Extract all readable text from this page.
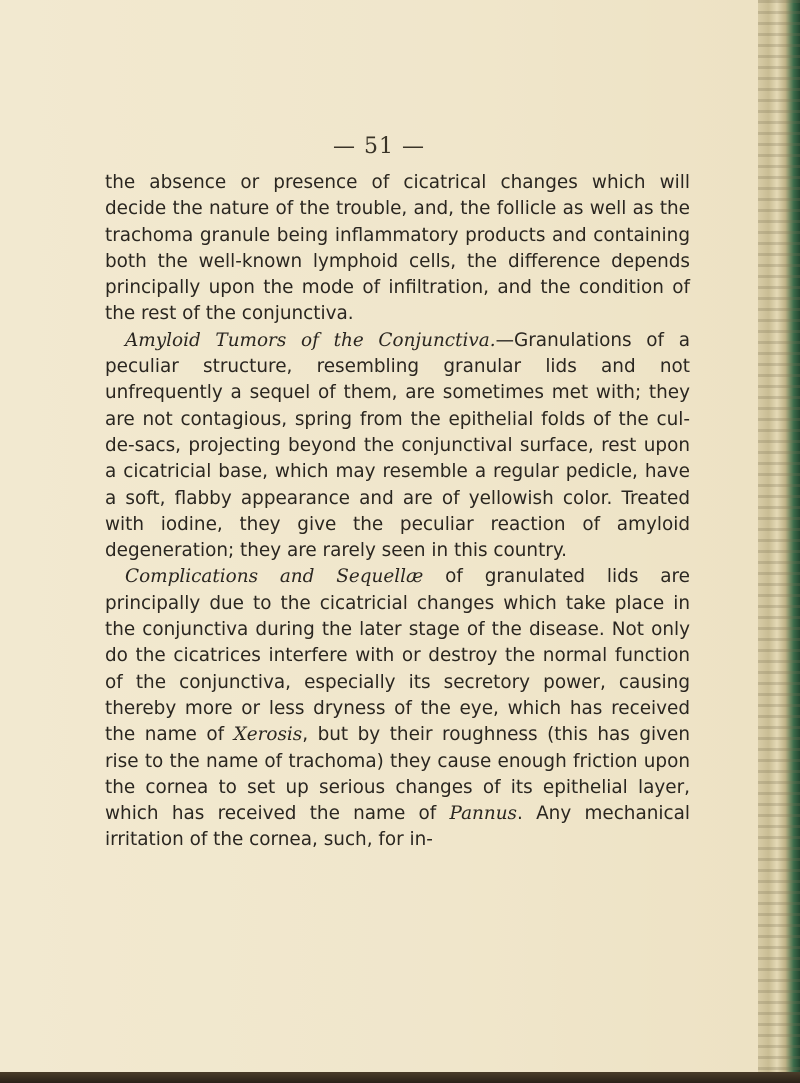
— 51 —

the absence or presence of cicatrical changes which will decide the nature of the trouble, and, the follicle as well as the trachoma granule being inflammatory products and containing both the well-known lymphoid cells, the difference depends principally upon the mode of infiltration, and the condition of the rest of the conjunctiva.

Amyloid Tumors of the Conjunctiva.—Granulations of a peculiar structure, resembling granular lids and not unfrequently a sequel of them, are sometimes met with; they are not contagious, spring from the epithelial folds of the cul-de-sacs, projecting beyond the conjunctival surface, rest upon a cicatricial base, which may resemble a regular pedicle, have a soft, flabby appearance and are of yellowish color. Treated with iodine, they give the peculiar reaction of amyloid degeneration; they are rarely seen in this country.

Complications and Sequellæ of granulated lids are principally due to the cicatricial changes which take place in the conjunctiva during the later stage of the disease. Not only do the cicatrices interfere with or destroy the normal function of the conjunctiva, especially its secretory power, causing thereby more or less dryness of the eye, which has received the name of Xerosis, but by their roughness (this has given rise to the name of trachoma) they cause enough friction upon the cornea to set up serious changes of its epithelial layer, which has received the name of Pannus. Any mechanical irritation of the cornea, such, for in-
